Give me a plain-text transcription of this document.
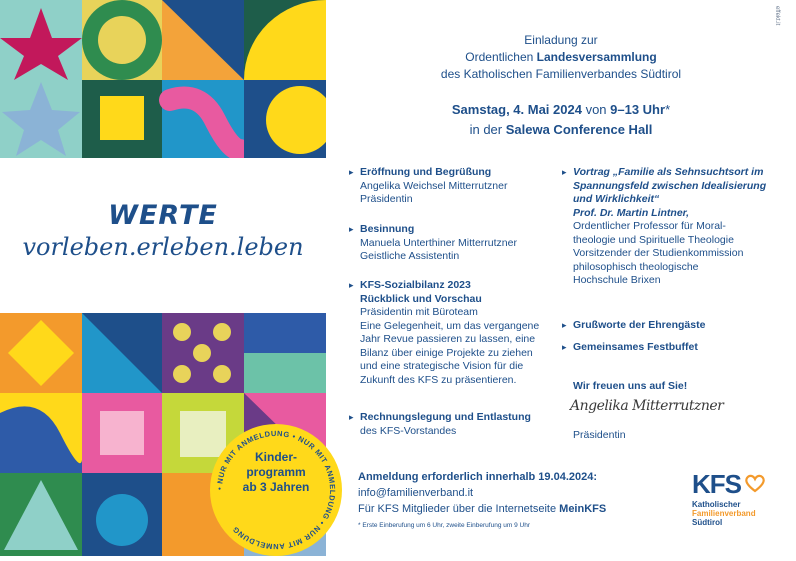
WERTE
vorleben.erleben.leben
• NUR MIT ANMELDUNG • NUR MIT ANMELDUNG • NUR MIT ANMELDUNG
Kinder-
programm
ab 3 Jahren
effekt.it
Einladung zur
Ordentlichen Landesversammlung
des Katholischen Familienverbandes Südtirol
Samstag, 4. Mai 2024 von 9–13 Uhr*
in der Salewa Conference Hall
▸ Eröffnung und Begrüßung
Angelika Weichsel Mitterrutzner
Präsidentin
▸ Besinnung
Manuela Unterthiner Mitterrutzner
Geistliche Assistentin
▸ KFS-Sozialbilanz 2023
Rückblick und Vorschau
Präsidentin mit Büroteam
Eine Gelegenheit, um das vergangene
Jahr Revue passieren zu lassen, eine
Bilanz über einige Projekte zu ziehen
und eine strategische Vision für die
Zukunft des KFS zu präsentieren.
▸ Rechnungslegung und Entlastung
des KFS-Vorstandes
▸ Vortrag „Familie als Sehnsuchtsort im
Spannungsfeld zwischen Idealisierung
und Wirklichkeit“
Prof. Dr. Martin Lintner,
Ordentlicher Professor für Moral-
theologie und Spirituelle Theologie
Vorsitzender der Studienkommission
philosophisch theologische
Hochschule Brixen
▸ Grußworte der Ehrengäste
▸ Gemeinsames Festbuffet
Wir freuen uns auf Sie!
Angelika Mitterrutzner
Präsidentin
Anmeldung erforderlich innerhalb 19.04.2024:
info@familienverband.it
Für KFS Mitglieder über die Internetseite MeinKFS
* Erste Einberufung um 6 Uhr, zweite Einberufung um 9 Uhr
KFS
Katholischer
Familienverband
Südtirol
